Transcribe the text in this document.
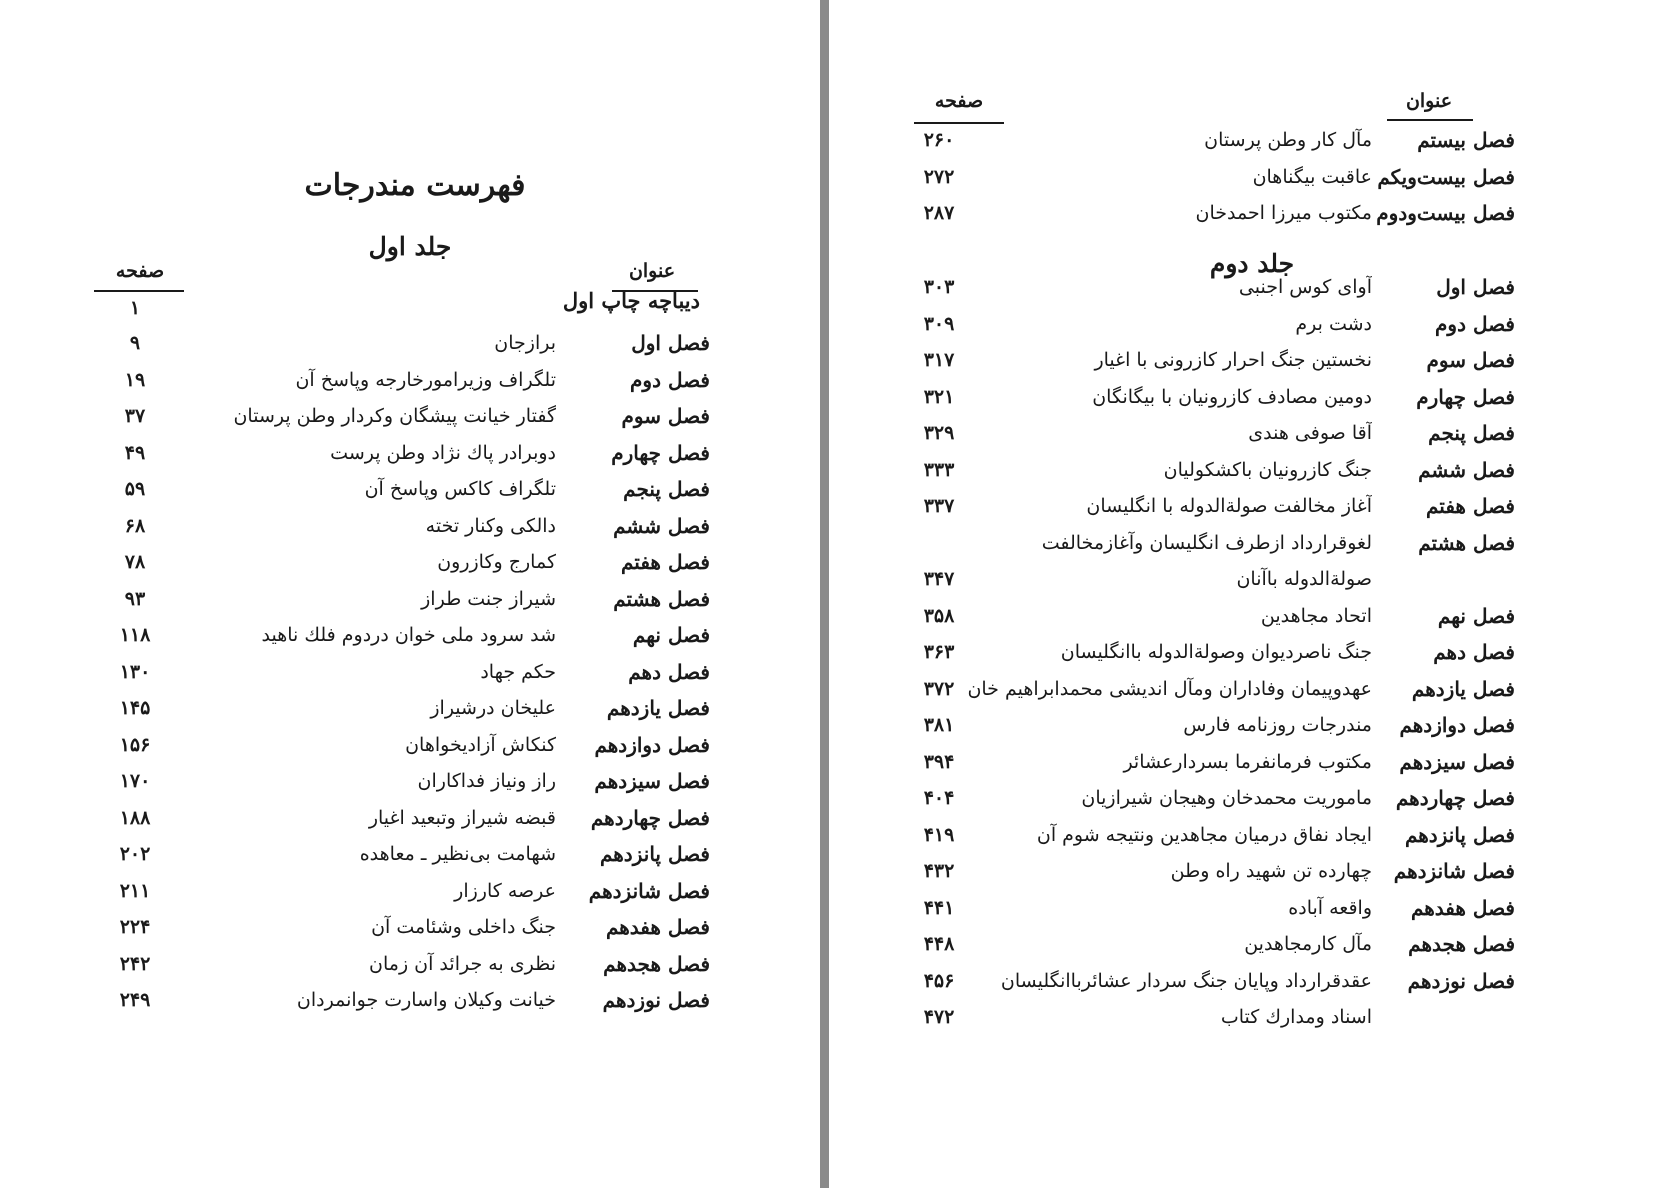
فهرست مندرجات
جلد اول
عنوان
صفحه
دیباچه چاپ اول
۱
فصل اول
برازجان
۹
فصل دوم
تلگراف وزیرامورخارجه وپاسخ آن
۱۹
فصل سوم
گفتار خیانت پیشگان وکردار وطن پرستان
۳۷
فصل چهارم
دوبرادر پاك نژاد وطن پرست
۴۹
فصل پنجم
تلگراف کاکس وپاسخ آن
۵۹
فصل ششم
دالکی وکنار تخته
۶۸
فصل هفتم
کمارج وکازرون
۷۸
فصل هشتم
شیراز جنت طراز
۹۳
فصل نهم
شد سرود ملی خوان دردوم فلك ناهید
۱۱۸
فصل دهم
حکم جهاد
۱۳۰
فصل یازدهم
علیخان درشیراز
۱۴۵
فصل دوازدهم
کنکاش آزادیخواهان
۱۵۶
فصل سیزدهم
راز ونیاز فداکاران
۱۷۰
فصل چهاردهم
قبضه شیراز وتبعید اغیار
۱۸۸
فصل پانزدهم
شهامت بی‌نظیر ـ معاهده
۲۰۲
فصل شانزدهم
عرصه کارزار
۲۱۱
فصل هفدهم
جنگ داخلی وشئامت آن
۲۲۴
فصل هجدهم
نظری به جرائد آن زمان
۲۴۲
فصل نوزدهم
خیانت وکیلان واسارت جوانمردان
۲۴۹
عنوان
صفحه
فصل بیستم
مآل کار وطن پرستان
۲۶۰
فصل بیست‌ویکم
عاقبت بیگناهان
۲۷۲
فصل بیست‌ودوم
مکتوب میرزا احمدخان
۲۸۷
جلد دوم
فصل اول
آوای کوس اجنبی
۳۰۳
فصل دوم
دشت برم
۳۰۹
فصل سوم
نخستین جنگ احرار کازرونی با اغیار
۳۱۷
فصل چهارم
دومین مصادف کازرونیان با بیگانگان
۳۲۱
فصل پنجم
آقا صوفی هندی
۳۲۹
فصل ششم
جنگ کازرونیان باکشکولیان
۳۳۳
فصل هفتم
آغاز مخالفت صولة‌الدوله با انگلیسان
۳۳۷
فصل هشتم
لغوقرارداد ازطرف انگلیسان وآغازمخالفت
صولة‌الدوله باآنان
۳۴۷
فصل نهم
اتحاد مجاهدین
۳۵۸
فصل دهم
جنگ ناصردیوان وصولة‌الدوله باانگلیسان
۳۶۳
فصل یازدهم
عهدوپیمان وفاداران ومآل اندیشی محمدابراهیم خان
۳۷۲
فصل دوازدهم
مندرجات روزنامه فارس
۳۸۱
فصل سیزدهم
مکتوب فرمانفرما بسردارعشائر
۳۹۴
فصل چهاردهم
ماموریت محمدخان وهیجان شیرازیان
۴۰۴
فصل پانزدهم
ایجاد نفاق درمیان مجاهدین ونتیجه شوم آن
۴۱۹
فصل شانزدهم
چهارده تن شهید راه وطن
۴۳۲
فصل هفدهم
واقعه آباده
۴۴۱
فصل هجدهم
مآل کارمجاهدین
۴۴۸
فصل نوزدهم
عقدقرارداد وپایان جنگ سردار عشائرباانگلیسان
۴۵۶
اسناد ومدارك کتاب
۴۷۲
